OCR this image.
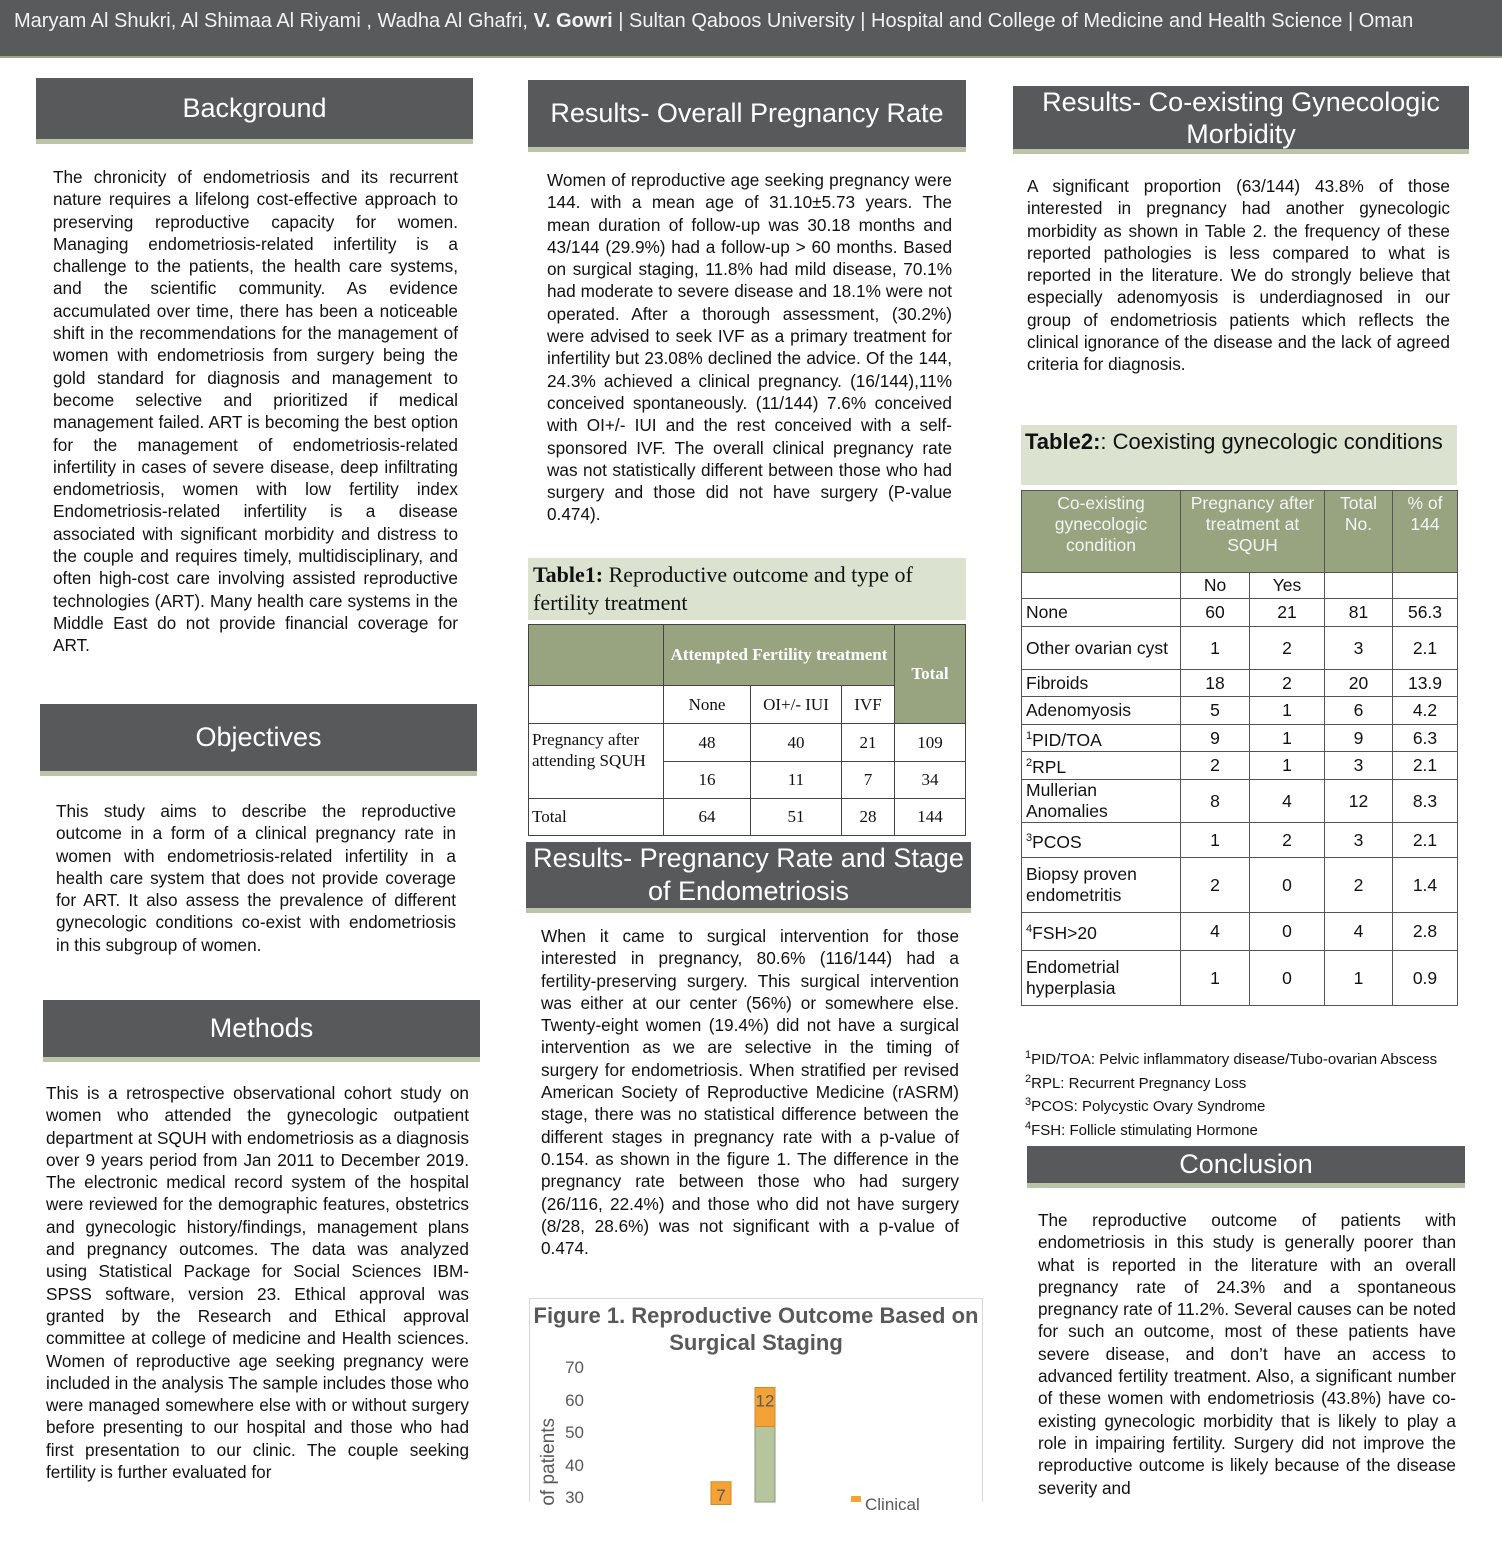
Maryam Al Shukri, Al Shimaa Al Riyami , Wadha Al Ghafri, V. Gowri | Sultan Qaboos University | Hospital and College of Medicine and Health Science | Oman
Background
The chronicity of endometriosis and its recurrent nature requires a lifelong cost-effective approach to preserving reproductive capacity for women. Managing endometriosis-related infertility is a challenge to the patients, the health care systems, and the scientific community. As evidence accumulated over time, there has been a noticeable shift in the recommendations for the management of women with endometriosis from surgery being the gold standard for diagnosis and management to become selective and prioritized if medical management failed. ART is becoming the best option for the management of endometriosis-related infertility in cases of severe disease, deep infiltrating endometriosis, women with low fertility index Endometriosis-related infertility is a disease associated with significant morbidity and distress to the couple and requires timely, multidisciplinary, and often high-cost care involving assisted reproductive technologies (ART). Many health care systems in the Middle East do not provide financial coverage for ART.
Objectives
This study aims to describe the reproductive outcome in a form of a clinical pregnancy rate in women with endometriosis-related infertility in a health care system that does not provide coverage for ART. It also assess the prevalence of different gynecologic conditions co-exist with endometriosis in this subgroup of women.
Methods
This is a retrospective observational cohort study on women who attended the gynecologic outpatient department at SQUH with endometriosis as a diagnosis over 9 years period from Jan 2011 to December 2019. The electronic medical record system of the hospital were reviewed for the demographic features, obstetrics and gynecologic history/findings, management plans and pregnancy outcomes. The data was analyzed using Statistical Package for Social Sciences IBM- SPSS software, version 23. Ethical approval was granted by the Research and Ethical approval committee at college of medicine and Health sciences. Women of reproductive age seeking pregnancy were included in the analysis The sample includes those who were managed somewhere else with or without surgery before presenting to our hospital and those who had first presentation to our clinic. The couple seeking fertility is further evaluated for
Results- Overall Pregnancy Rate
Women of reproductive age seeking pregnancy were 144. with a mean age of 31.10±5.73 years. The mean duration of follow-up was 30.18 months and 43/144 (29.9%) had a follow-up > 60 months. Based on surgical staging, 11.8% had mild disease, 70.1% had moderate to severe disease and 18.1% were not operated. After a thorough assessment, (30.2%) were advised to seek IVF as a primary treatment for infertility but 23.08% declined the advice. Of the 144, 24.3% achieved a clinical pregnancy. (16/144),11% conceived spontaneously. (11/144) 7.6% conceived with OI+/- IUI and the rest conceived with a self-sponsored IVF. The overall clinical pregnancy rate was not statistically different between those who had surgery and those did not have surgery (P-value 0.474).
Table1: Reproductive outcome and type of fertility treatment
	Attempted Fertility treatment			Total
	None	OI+/- IUI	IVF	
Pregnancy after attending SQUH	48	40	21	109
	16	11	7	34
Total	64	51	28	144
Results- Pregnancy Rate and Stage of Endometriosis
When it came to surgical intervention for those interested in pregnancy, 80.6% (116/144) had a fertility-preserving surgery. This surgical intervention was either at our center (56%) or somewhere else. Twenty-eight women (19.4%) did not have a surgical intervention as we are selective in the timing of surgery for endometriosis. When stratified per revised American Society of Reproductive Medicine (rASRM) stage, there was no statistical difference between the different stages in pregnancy rate with a p-value of 0.154. as shown in the figure 1. The difference in the pregnancy rate between those who had surgery (26/116, 22.4%) and those who did not have surgery (8/28, 28.6%) was not significant with a p-value of 0.474.
Figure 1. Reproductive Outcome Based on Surgical Staging
70
60
50
40
30
of patients	7
12
Clinical
Results- Co-existing Gynecologic Morbidity
A significant proportion (63/144) 43.8% of those interested in pregnancy had another gynecologic morbidity as shown in Table 2. the frequency of these reported pathologies is less compared to what is reported in the literature. We do strongly believe that especially adenomyosis is underdiagnosed in our group of endometriosis patients which reflects the clinical ignorance of the disease and the lack of agreed criteria for diagnosis.
Table2:: Coexisting gynecologic conditions
Co-existing gynecologic condition	Pregnancy after treatment at SQUH		Total No.	% of 144
	No	Yes		
None	60	21	81	56.3
Other ovarian cyst	1	2	3	2.1
Fibroids	18	2	20	13.9
Adenomyosis	5	1	6	4.2
$^1$PID/TOA	9	1	9	6.3
$^2$RPL	2	1	3	2.1
Mullerian Anomalies	8	4	12	8.3
$^3$PCOS	1	2	3	2.1
Biopsy proven endometritis	2	0	2	1.4
$^4$FSH>20	4	0	4	2.8
Endometrial hyperplasia	1	0	1	0.9
$^1$PID/TOA: Pelvic inflammatory disease/Tubo-ovarian Abscess
$^2$RPL: Recurrent Pregnancy Loss
$^3$PCOS: Polycystic Ovary Syndrome
$^4$FSH: Follicle stimulating Hormone
Conclusion
The reproductive outcome of patients with endometriosis in this study is generally poorer than what is reported in the literature with an overall pregnancy rate of 24.3% and a spontaneous pregnancy rate of 11.2%. Several causes can be noted for such an outcome, most of these patients have severe disease, and don’t have an access to advanced fertility treatment. Also, a significant number of these women with endometriosis (43.8%) have co-existing gynecologic morbidity that is likely to play a role in impairing fertility. Surgery did not improve the reproductive outcome is likely because of the disease severity and
